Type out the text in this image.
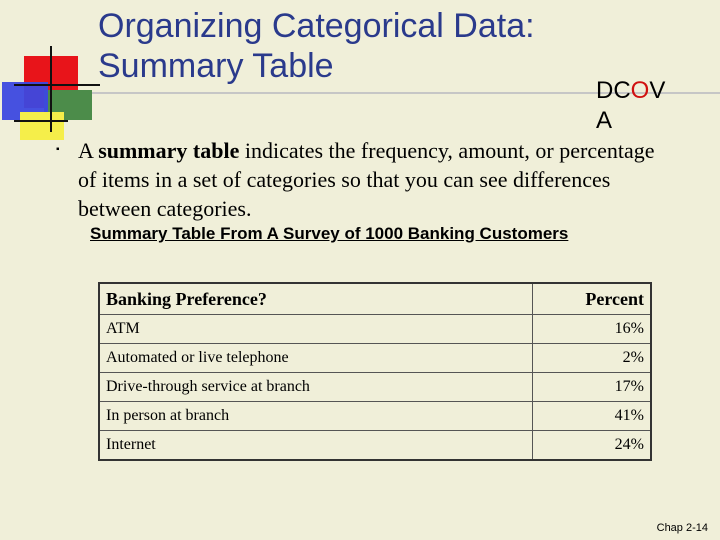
Organizing Categorical Data:
Summary Table
DCOV
A
▪ A summary table indicates the frequency, amount, or percentage of items in a set of categories so that you can see differences between categories.
Summary Table From A Survey of 1000 Banking Customers
Banking Preference?	Percent
ATM	16%
Automated or live telephone	2%
Drive-through service at branch	17%
In person at branch	41%
Internet	24%
Chap 2-14
